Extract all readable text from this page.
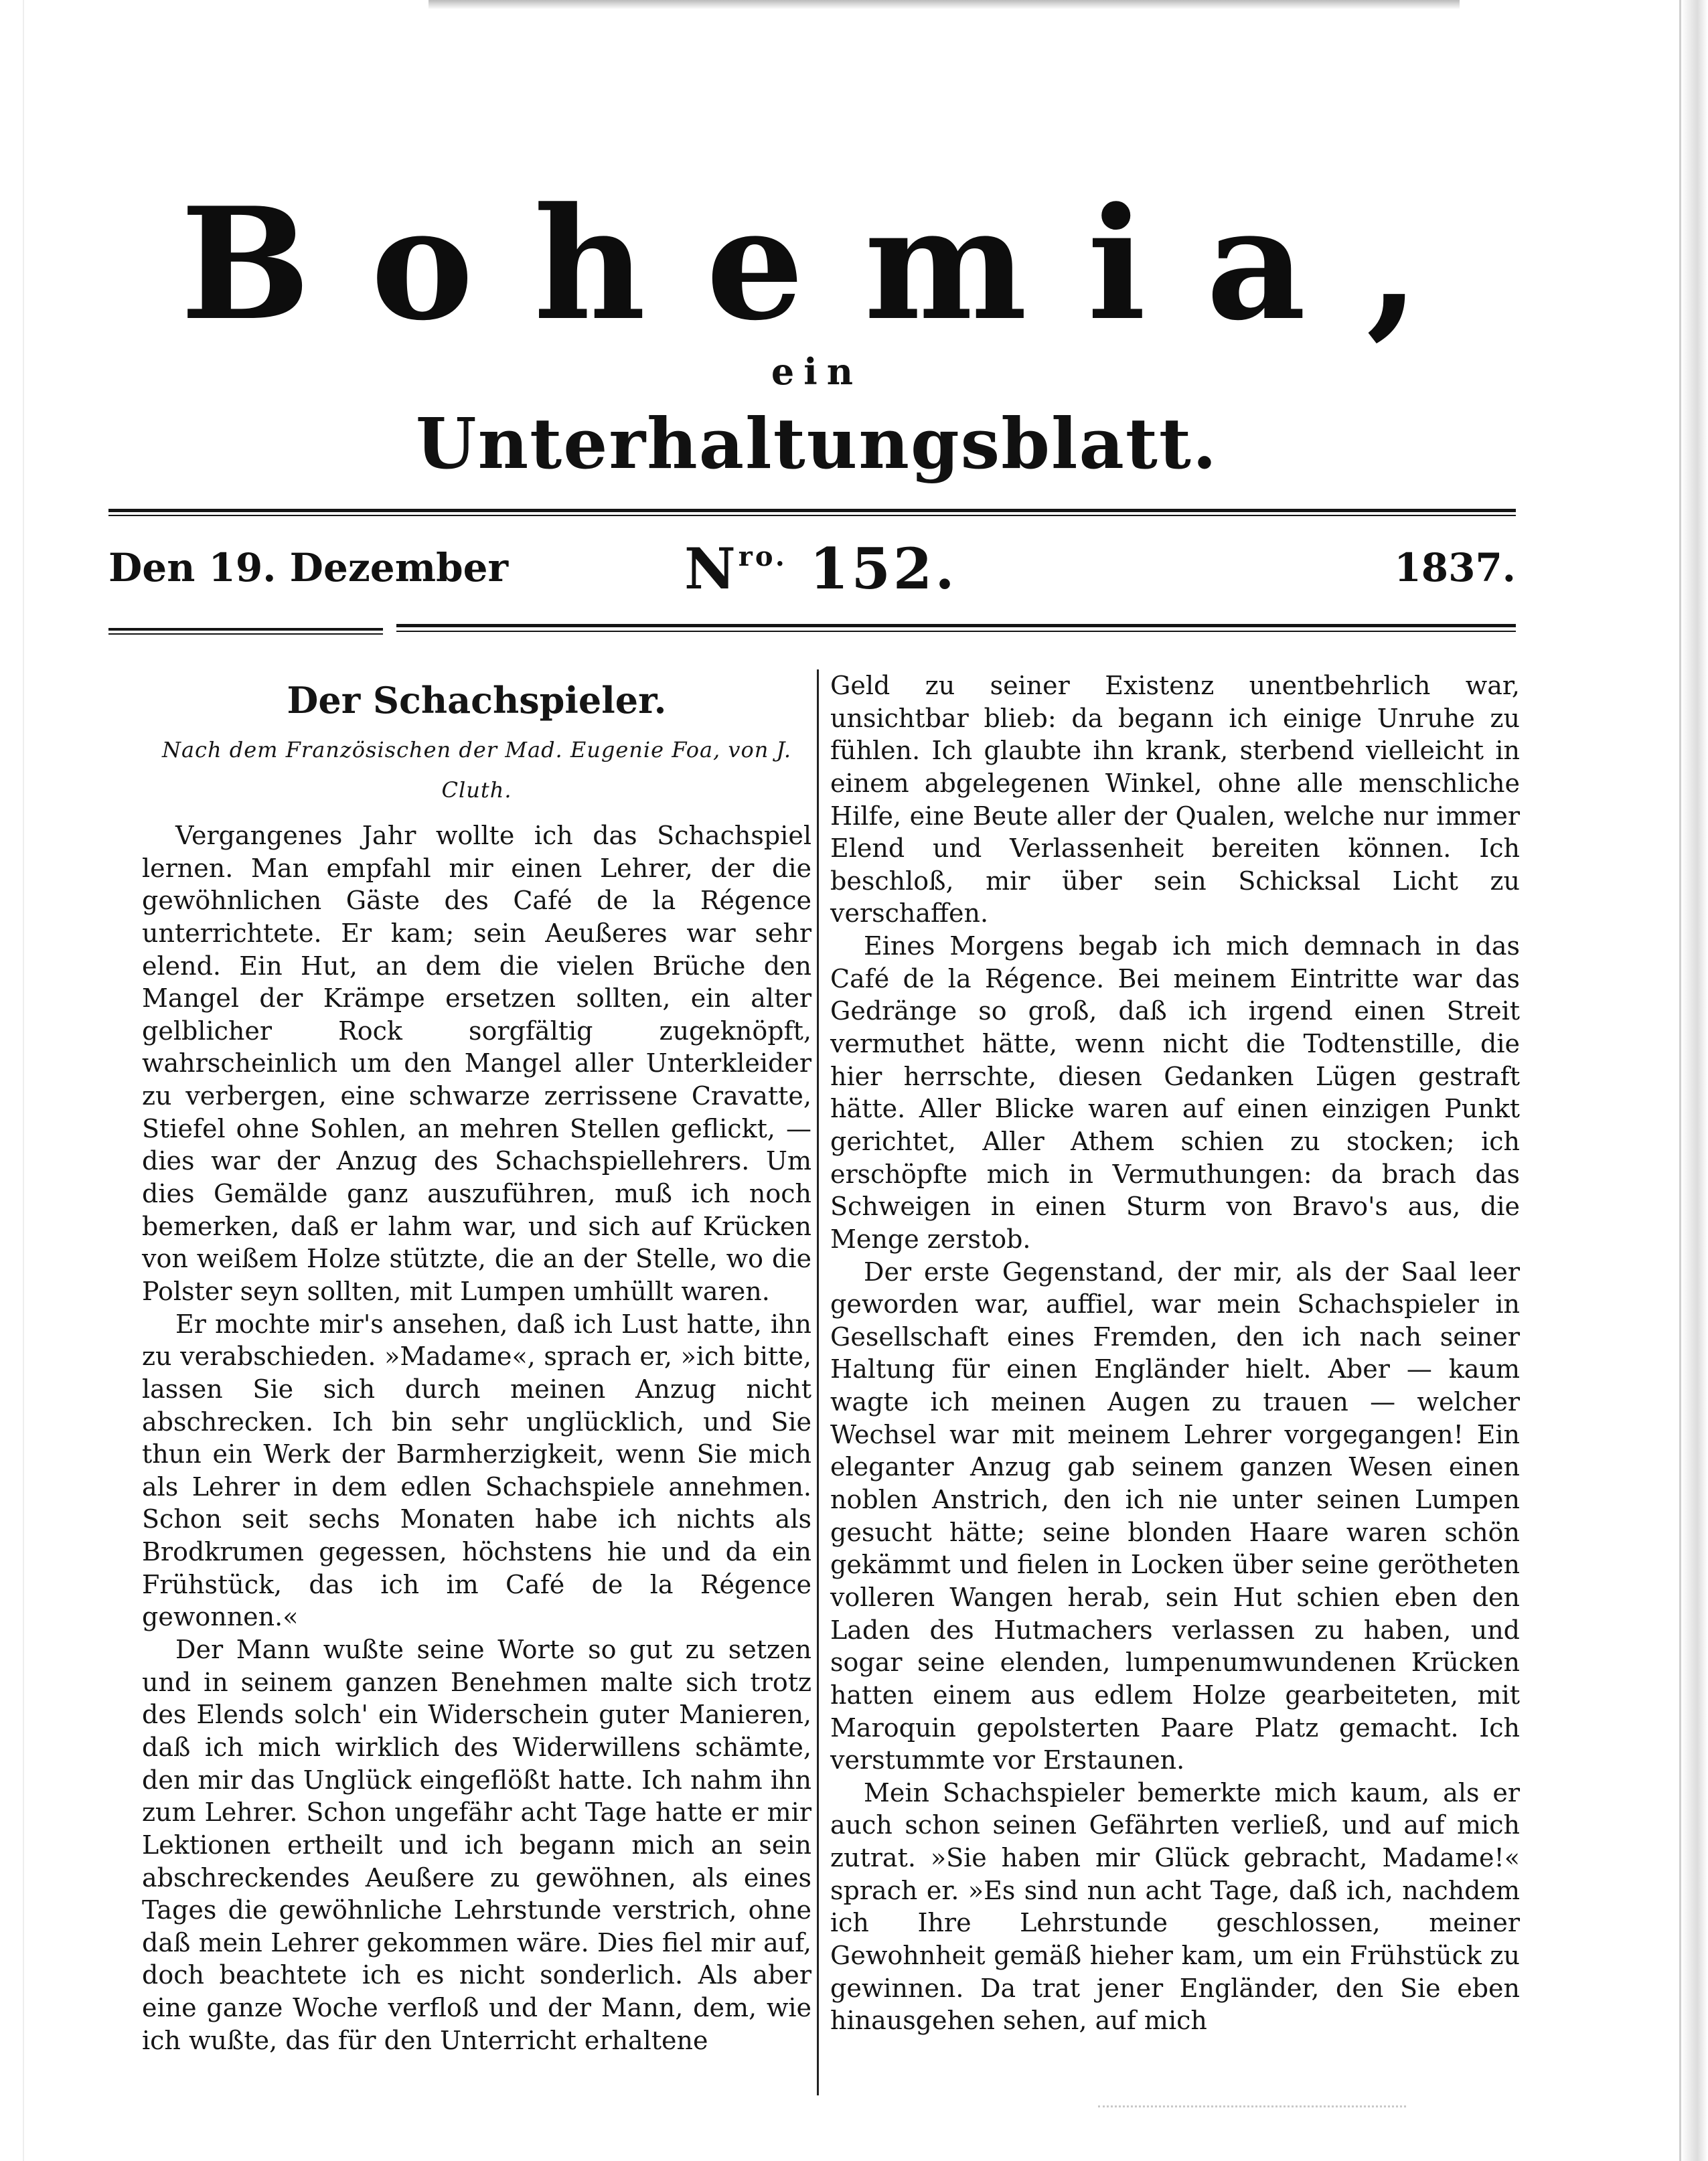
Bohemia,
ein
Unterhaltungsblatt.
Den 19. Dezember	$N^{ro.}$ 152.	1837.
Der Schachspieler.
Nach dem Französischen der Mad. Eugenie Foa, von J. Cluth.

Vergangenes Jahr wollte ich das Schachspiel lernen. Man empfahl mir einen Lehrer, der die gewöhnlichen Gäste des Café de la Régence unterrichtete. Er kam; sein Aeußeres war sehr elend. Ein Hut, an dem die vielen Brüche den Mangel der Krämpe ersetzen sollten, ein alter gelblicher Rock sorgfältig zugeknöpft, wahrscheinlich um den Mangel aller Unterkleider zu verbergen, eine schwarze zerrissene Cravatte, Stiefel ohne Sohlen, an mehren Stellen geflickt, — dies war der Anzug des Schachspiellehrers. Um dies Gemälde ganz auszuführen, muß ich noch bemerken, daß er lahm war, und sich auf Krücken von weißem Holze stützte, die an der Stelle, wo die Polster seyn sollten, mit Lumpen umhüllt waren.

Er mochte mir's ansehen, daß ich Lust hatte, ihn zu verabschieden. »Madame«, sprach er, »ich bitte, lassen Sie sich durch meinen Anzug nicht abschrecken. Ich bin sehr unglücklich, und Sie thun ein Werk der Barmherzigkeit, wenn Sie mich als Lehrer in dem edlen Schachspiele annehmen. Schon seit sechs Monaten habe ich nichts als Brodkrumen gegessen, höchstens hie und da ein Frühstück, das ich im Café de la Régence gewonnen.«

Der Mann wußte seine Worte so gut zu setzen und in seinem ganzen Benehmen malte sich trotz des Elends solch' ein Widerschein guter Manieren, daß ich mich wirklich des Widerwillens schämte, den mir das Unglück eingeflößt hatte. Ich nahm ihn zum Lehrer. Schon ungefähr acht Tage hatte er mir Lektionen ertheilt und ich begann mich an sein abschreckendes Aeußere zu gewöhnen, als eines Tages die gewöhnliche Lehrstunde verstrich, ohne daß mein Lehrer gekommen wäre. Dies fiel mir auf, doch beachtete ich es nicht sonderlich. Als aber eine ganze Woche verfloß und der Mann, dem, wie ich wußte, das für den Unterricht erhaltene

Geld zu seiner Existenz unentbehrlich war, unsichtbar blieb: da begann ich einige Unruhe zu fühlen. Ich glaubte ihn krank, sterbend vielleicht in einem abgelegenen Winkel, ohne alle menschliche Hilfe, eine Beute aller der Qualen, welche nur immer Elend und Verlassenheit bereiten können. Ich beschloß, mir über sein Schicksal Licht zu verschaffen.

Eines Morgens begab ich mich demnach in das Café de la Régence. Bei meinem Eintritte war das Gedränge so groß, daß ich irgend einen Streit vermuthet hätte, wenn nicht die Todtenstille, die hier herrschte, diesen Gedanken Lügen gestraft hätte. Aller Blicke waren auf einen einzigen Punkt gerichtet, Aller Athem schien zu stocken; ich erschöpfte mich in Vermuthungen: da brach das Schweigen in einen Sturm von Bravo's aus, die Menge zerstob.

Der erste Gegenstand, der mir, als der Saal leer geworden war, auffiel, war mein Schachspieler in Gesellschaft eines Fremden, den ich nach seiner Haltung für einen Engländer hielt. Aber — kaum wagte ich meinen Augen zu trauen — welcher Wechsel war mit meinem Lehrer vorgegangen! Ein eleganter Anzug gab seinem ganzen Wesen einen noblen Anstrich, den ich nie unter seinen Lumpen gesucht hätte; seine blonden Haare waren schön gekämmt und fielen in Locken über seine gerötheten volleren Wangen herab, sein Hut schien eben den Laden des Hutmachers verlassen zu haben, und sogar seine elenden, lumpenumwundenen Krücken hatten einem aus edlem Holze gearbeiteten, mit Maroquin gepolsterten Paare Platz gemacht. Ich verstummte vor Erstaunen.

Mein Schachspieler bemerkte mich kaum, als er auch schon seinen Gefährten verließ, und auf mich zutrat. »Sie haben mir Glück gebracht, Madame!« sprach er. »Es sind nun acht Tage, daß ich, nachdem ich Ihre Lehrstunde geschlossen, meiner Gewohnheit gemäß hieher kam, um ein Frühstück zu gewinnen. Da trat jener Engländer, den Sie eben hinausgehen sehen, auf mich
